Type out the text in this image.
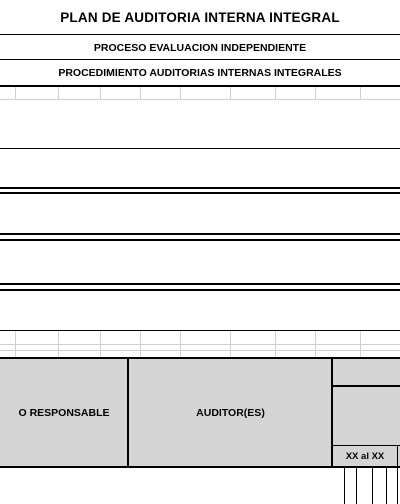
PLAN DE AUDITORIA INTERNA INTEGRAL
PROCESO EVALUACION INDEPENDIENTE
PROCEDIMIENTO AUDITORIAS INTERNAS INTEGRALES
O RESPONSABLE	AUDITOR(ES)
XX al XX
